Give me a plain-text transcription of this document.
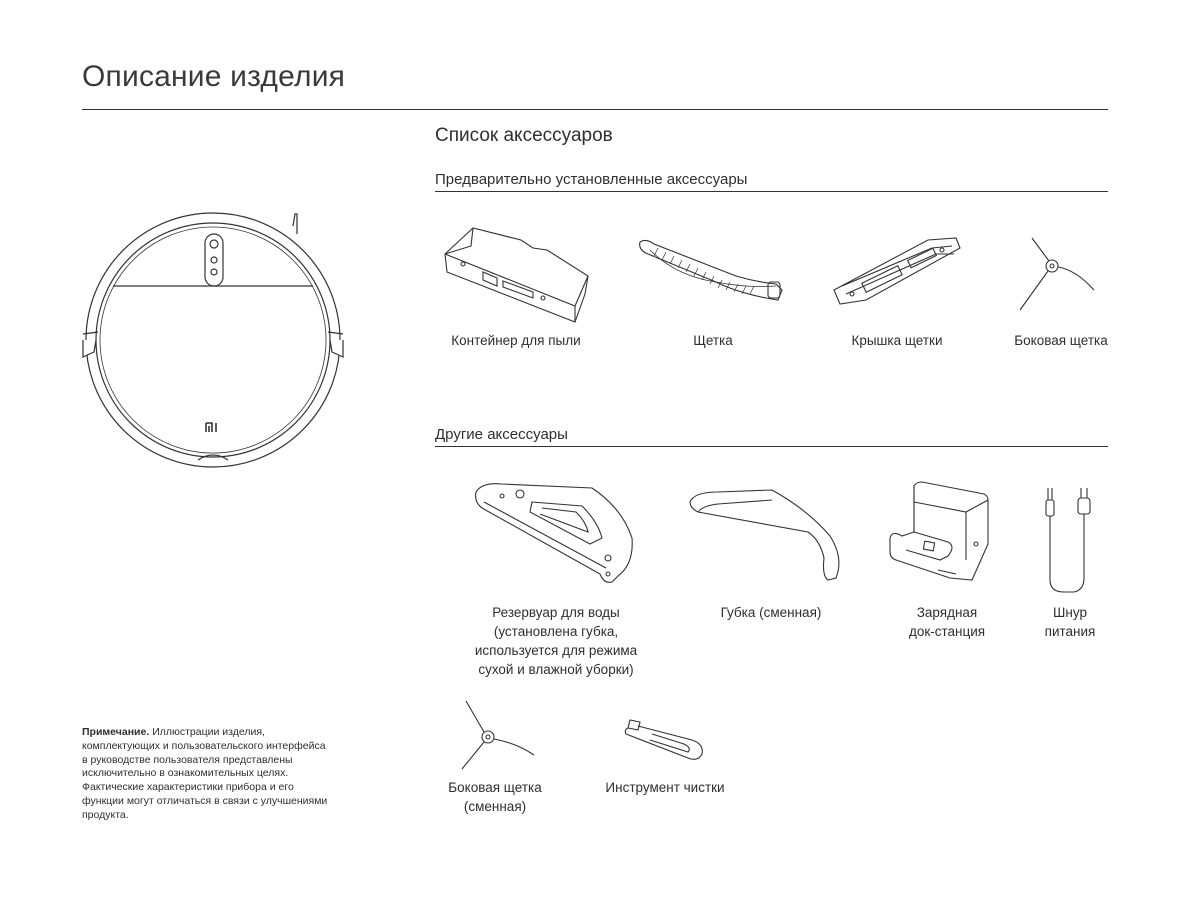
Описание изделия
Список аксессуаров
Предварительно установленные аксессуары
Контейнер для пыли	Щетка	Крышка щетки	Боковая щетка
Другие аксессуары
Резервуар для воды
(установлена губка,
используется для режима
сухой и влажной уборки)
Губка (сменная)	Зарядная
док-станция
Шнур
питания
Боковая щетка
(сменная)
Инструмент чистки
Примечание. Иллюстрации изделия, комплектующих и пользовательского интерфейса в руководстве пользователя представлены исключительно в ознакомительных целях. Фактические характеристики прибора и его функции могут отличаться в связи с улучшениями продукта.
